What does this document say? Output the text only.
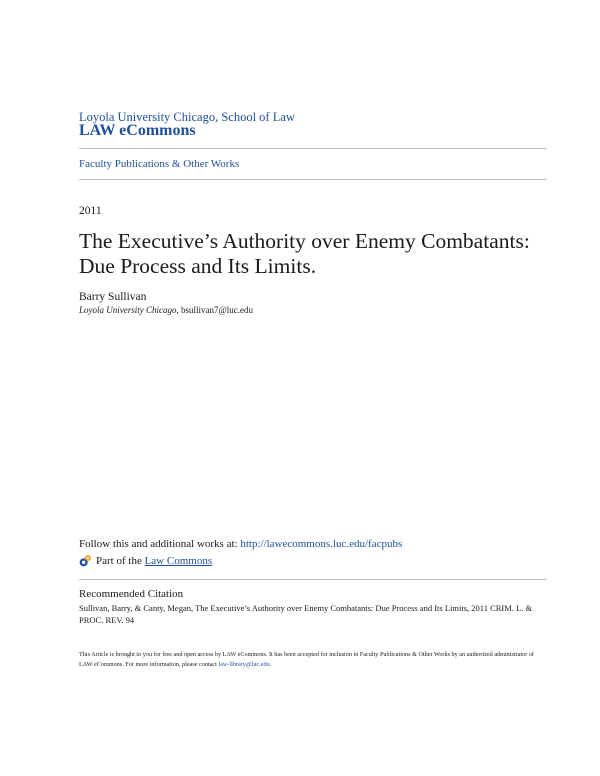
Loyola University Chicago, School of Law
LAW eCommons
Faculty Publications & Other Works
2011
The Executive’s Authority over Enemy Combatants: Due Process and Its Limits.
Barry Sullivan
Loyola University Chicago, bsullivan7@luc.edu
Follow this and additional works at: http://lawecommons.luc.edu/facpubs
Part of the
Law Commons
Recommended Citation
Sullivan, Barry, & Canty, Megan, The Executive’s Authority over Enemy Combatants: Due Process and Its Limits, 2011 CRIM. L. & PROC. REV. 94
This Article is brought to you for free and open access by LAW eCommons. It has been accepted for inclusion in Faculty Publications & Other Works by an authorized administrator of LAW eCommons. For more information, please contact law-library@luc.edu.
